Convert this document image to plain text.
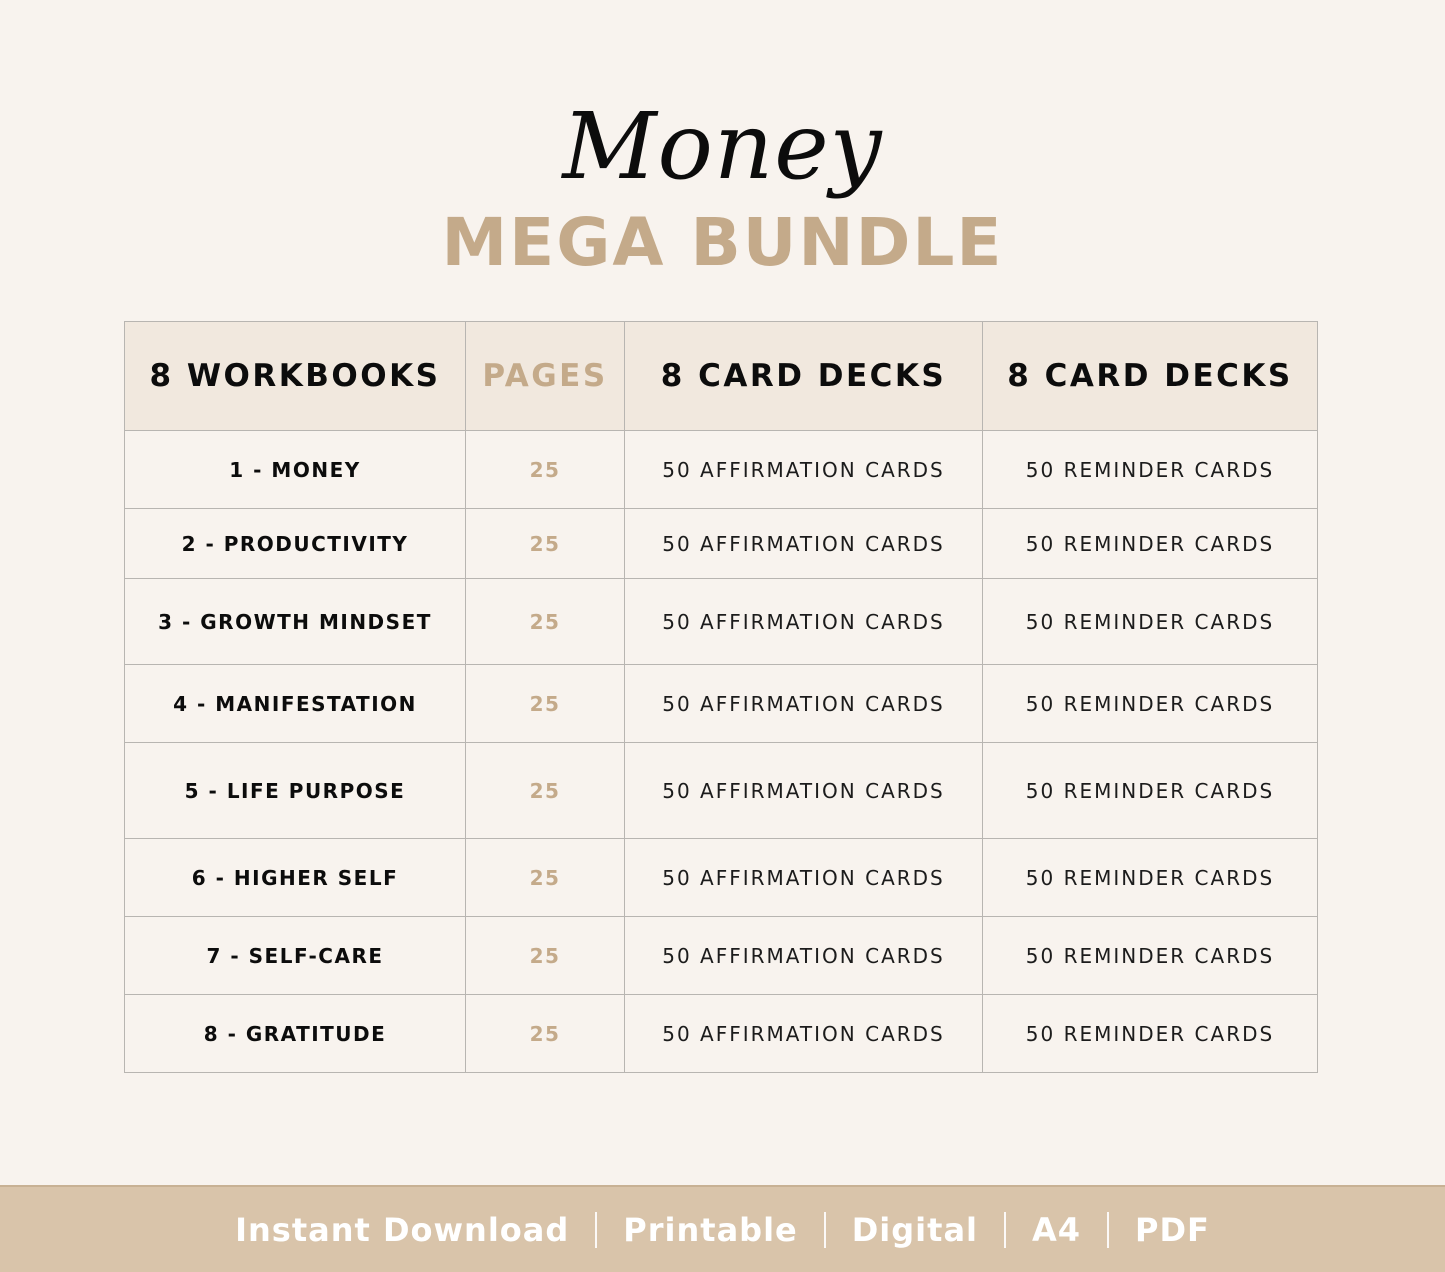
Money
MEGA BUNDLE
8 WORKBOOKS	PAGES	8 CARD DECKS	8 CARD DECKS
1 - MONEY	25	50 AFFIRMATION CARDS	50 REMINDER CARDS
2 - PRODUCTIVITY	25	50 AFFIRMATION CARDS	50 REMINDER CARDS
3 - GROWTH MINDSET	25	50 AFFIRMATION CARDS	50 REMINDER CARDS
4 - MANIFESTATION	25	50 AFFIRMATION CARDS	50 REMINDER CARDS
5 - LIFE PURPOSE	25	50 AFFIRMATION CARDS	50 REMINDER CARDS
6 - HIGHER SELF	25	50 AFFIRMATION CARDS	50 REMINDER CARDS
7 - SELF-CARE	25	50 AFFIRMATION CARDS	50 REMINDER CARDS
8 - GRATITUDE	25	50 AFFIRMATION CARDS	50 REMINDER CARDS
Instant Download	Printable	Digital	A4	PDF
